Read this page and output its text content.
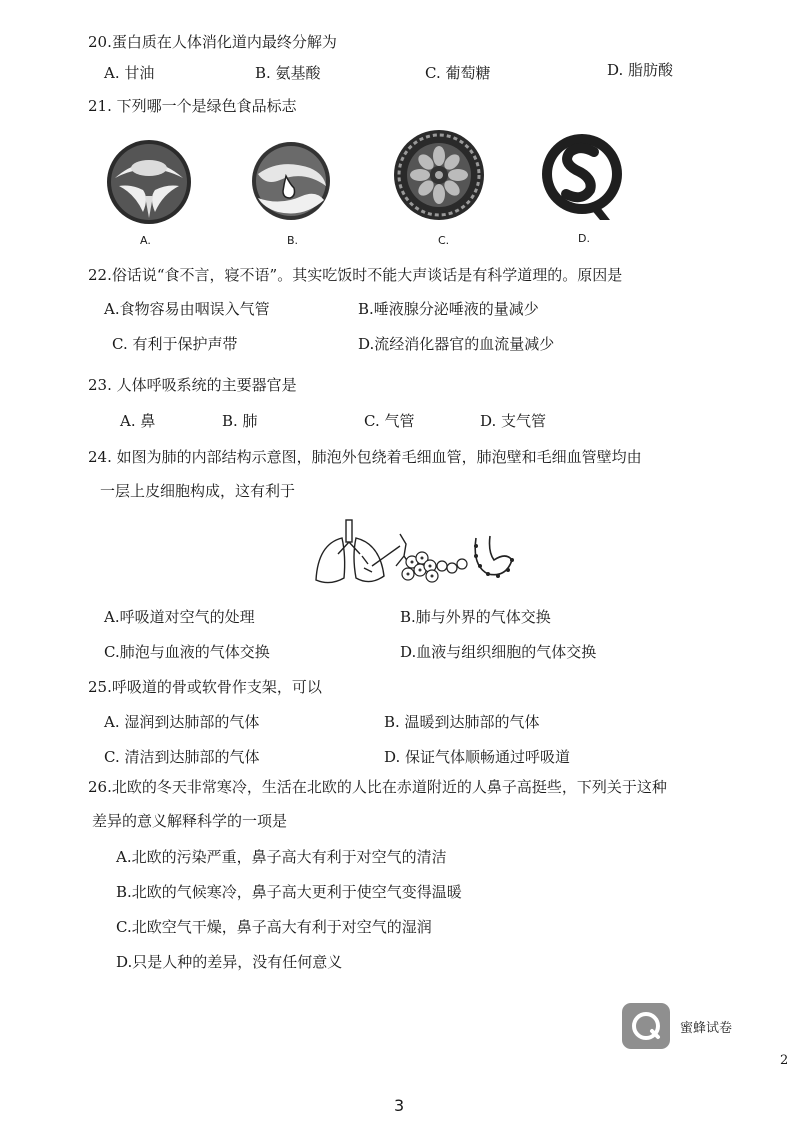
20.蛋白质在人体消化道内最终分解为
A. 甘油	B. 氨基酸	C. 葡萄糖	D. 脂肪酸
21. 下列哪一个是绿色食品标志
A.	B.	C.	D.
22.俗话说“食不言，寝不语”。其实吃饭时不能大声谈话是有科学道理的。原因是
A.食物容易由咽误入气管	B.唾液腺分泌唾液的量减少
C. 有利于保护声带	D.流经消化器官的血流量减少
23. 人体呼吸系统的主要器官是
A. 鼻	B. 肺	C. 气管	D. 支气管
24. 如图为肺的内部结构示意图，肺泡外包绕着毛细血管，肺泡壁和毛细血管壁均由
一层上皮细胞构成，这有利于
A.呼吸道对空气的处理	B.肺与外界的气体交换
C.肺泡与血液的气体交换	D.血液与组织细胞的气体交换
25.呼吸道的骨或软骨作支架，可以
A. 湿润到达肺部的气体	B. 温暖到达肺部的气体
C. 清洁到达肺部的气体	D. 保证气体顺畅通过呼吸道
26.北欧的冬天非常寒冷，生活在北欧的人比在赤道附近的人鼻子高挺些，下列关于这种
差异的意义解释科学的一项是
A.北欧的污染严重，鼻子高大有利于对空气的清洁
B.北欧的气候寒冷，鼻子高大更利于使空气变得温暖
C.北欧空气干燥，鼻子高大有利于对空气的湿润
D.只是人种的差异，没有任何意义
蜜蜂试卷
2
3
